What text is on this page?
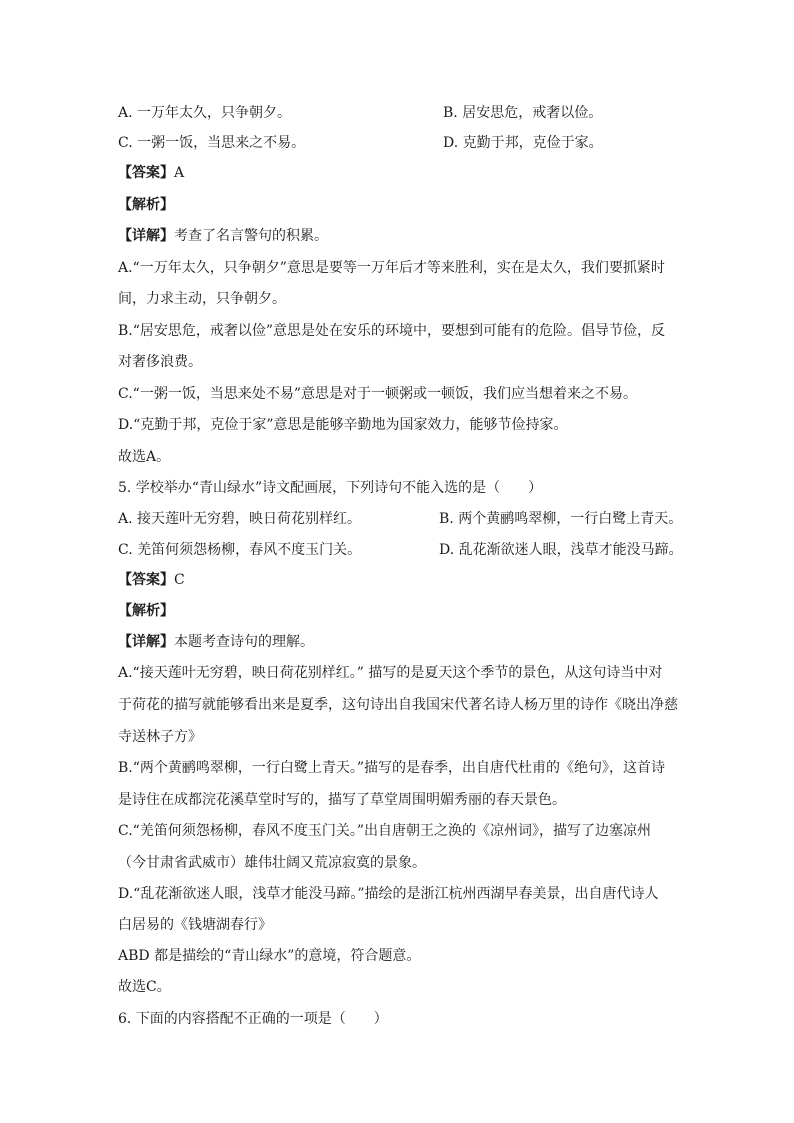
A. 一万年太久，只争朝夕。	B. 居安思危，戒奢以俭。
C. 一粥一饭，当思来之不易。	D. 克勤于邦，克俭于家。
【答案】A
【解析】
【详解】考查了名言警句的积累。
A.“一万年太久，只争朝夕”意思是要等一万年后才等来胜利，实在是太久，我们要抓紧时
间，力求主动，只争朝夕。
B.“居安思危，戒奢以俭”意思是处在安乐的环境中，要想到可能有的危险。倡导节俭，反
对奢侈浪费。
C.“一粥一饭，当思来处不易”意思是对于一顿粥或一顿饭，我们应当想着来之不易。
D.“克勤于邦，克俭于家”意思是能够辛勤地为国家效力，能够节俭持家。
故选A。
5. 学校举办“青山绿水”诗文配画展，下列诗句不能入选的是（　　）
A. 接天莲叶无穷碧，映日荷花别样红。	B. 两个黄鹂鸣翠柳，一行白鹭上青天。
C. 羌笛何须怨杨柳，春风不度玉门关。	D. 乱花渐欲迷人眼，浅草才能没马蹄。
【答案】C
【解析】
【详解】本题考查诗句的理解。
A.“接天莲叶无穷碧，映日荷花别样红。” 描写的是夏天这个季节的景色，从这句诗当中对
于荷花的描写就能够看出来是夏季，这句诗出自我国宋代著名诗人杨万里的诗作《晓出净慈
寺送林子方》
B.“两个黄鹂鸣翠柳，一行白鹭上青天。”描写的是春季，出自唐代杜甫的《绝句》，这首诗
是诗住在成都浣花溪草堂时写的，描写了草堂周围明媚秀丽的春天景色。
C.“羌笛何须怨杨柳，春风不度玉门关。”出自唐朝王之涣的《凉州词》，描写了边塞凉州
（今甘肃省武威市）雄伟壮阔又荒凉寂寞的景象。
D.“乱花渐欲迷人眼，浅草才能没马蹄。”描绘的是浙江杭州西湖早春美景，出自唐代诗人
白居易的《钱塘湖春行》
ABD 都是描绘的“青山绿水”的意境，符合题意。
故选C。
6. 下面的内容搭配不正确的一项是（　　）
